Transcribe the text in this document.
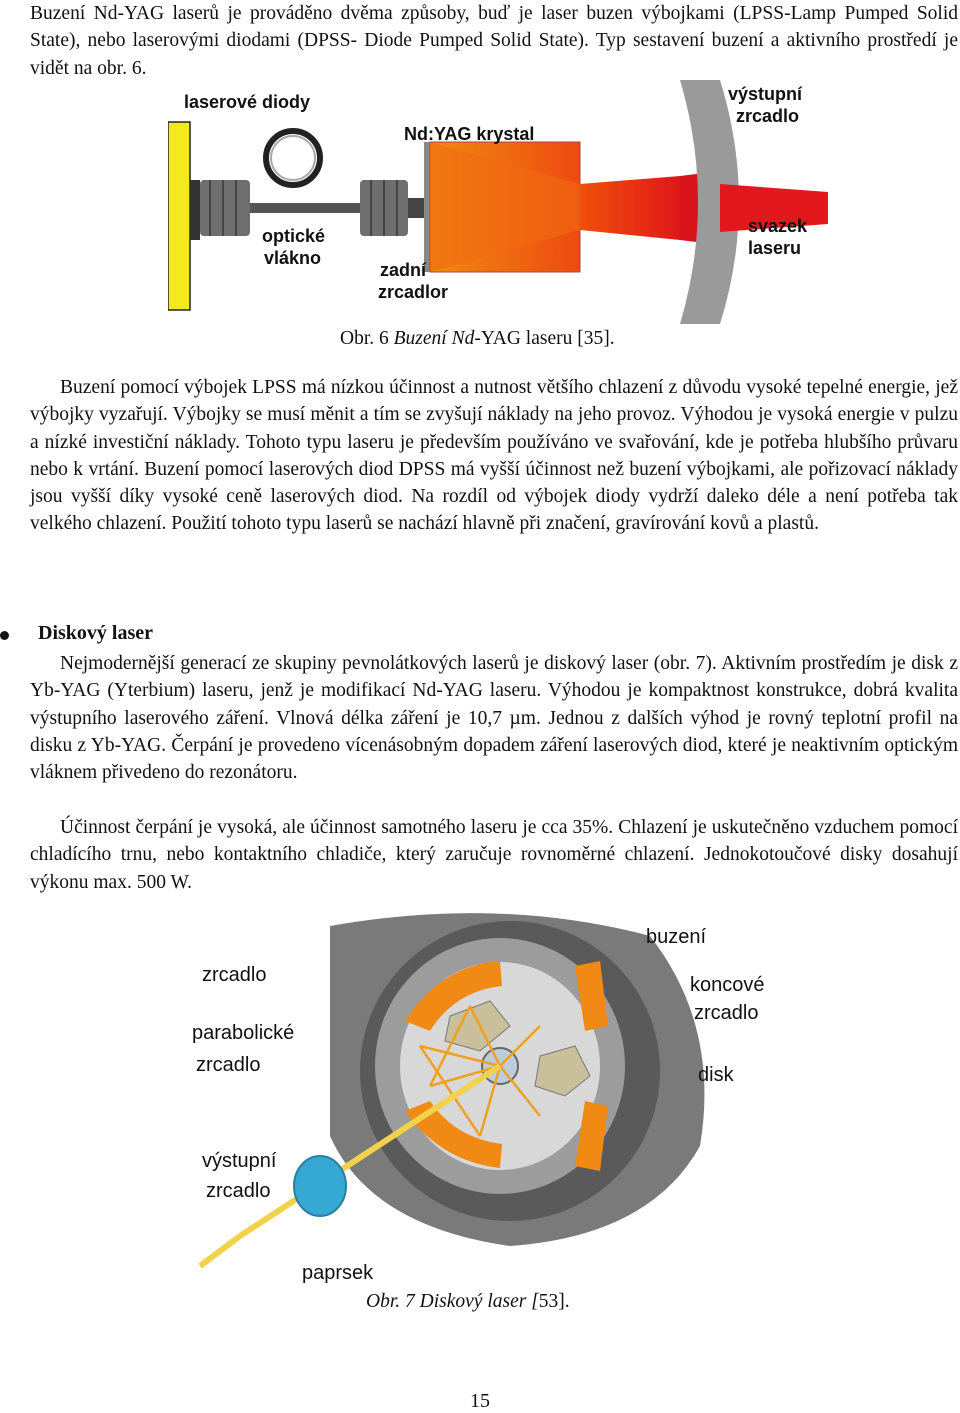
Buzení Nd-YAG laserů je prováděno dvěma způsoby, buď je laser buzen výbojkami (LPSS-Lamp Pumped Solid State), nebo laserovými diodami (DPSS- Diode Pumped Solid State). Typ sestavení buzení a aktivního prostředí je vidět na obr. 6.

laserové diody
Nd:YAG krystal
výstupní
zrcadlo
optické
vlákno
zadní
zrcadlor
svazek
laseru

Obr. 6 Buzení Nd-YAG laseru [35].

Buzení pomocí výbojek LPSS má nízkou účinnost a nutnost většího chlazení z důvodu vysoké tepelné energie, jež výbojky vyzařují. Výbojky se musí měnit a tím se zvyšují náklady na jeho provoz. Výhodou je vysoká energie v pulzu a nízké investiční náklady. Tohoto typu laseru je především používáno ve svařování, kde je potřeba hlubšího průvaru nebo k vrtání. Buzení pomocí laserových diod DPSS má vyšší účinnost než buzení výbojkami, ale pořizovací náklady jsou vyšší díky vysoké ceně laserových diod. Na rozdíl od výbojek diody vydrží daleko déle a není potřeba tak velkého chlazení. Použití tohoto typu laserů se nachází hlavně při značení, gravírování kovů a plastů.

Diskový laser

Nejmodernější generací ze skupiny pevnolátkových laserů je diskový laser (obr. 7). Aktivním prostředím je disk z Yb-YAG (Yterbium) laseru, jenž je modifikací Nd-YAG laseru. Výhodou je kompaktnost konstrukce, dobrá kvalita výstupního laserového záření. Vlnová délka záření je 10,7 µm. Jednou z dalších výhod je rovný teplotní profil na disku z Yb-YAG. Čerpání je provedeno vícenásobným dopadem záření laserových diod, které je neaktivním optickým vláknem přivedeno do rezonátoru.

Účinnost čerpání je vysoká, ale účinnost samotného laseru je cca 35%. Chlazení je uskutečněno vzduchem pomocí chladícího trnu, nebo kontaktního chladiče, který zaručuje rovnoměrné chlazení. Jednokotoučové disky dosahují výkonu max. 500 W.

buzení
zrcadlo
parabolické
zrcadlo
koncové
zrcadlo
disk
výstupní
zrcadlo
paprsek

Obr. 7 Diskový laser [53].

15
